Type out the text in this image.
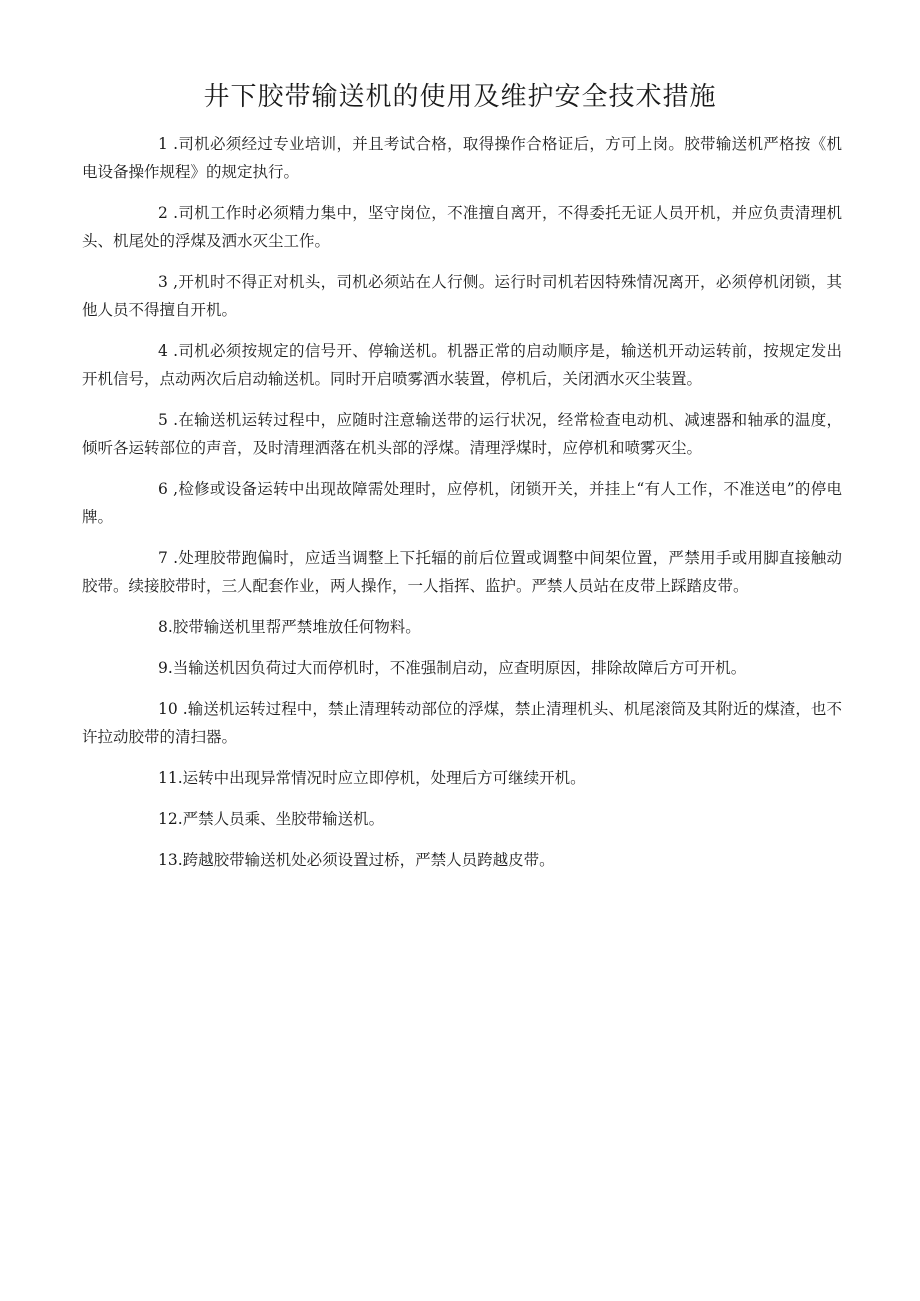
井下胶带输送机的使用及维护安全技术措施

1 .司机必须经过专业培训，并且考试合格，取得操作合格证后，方可上岗。胶带输送机严格按《机电设备操作规程》的规定执行。

2 .司机工作时必须精力集中，坚守岗位，不准擅自离开，不得委托无证人员开机，并应负责清理机头、机尾处的浮煤及洒水灭尘工作。

3 ,开机时不得正对机头，司机必须站在人行侧。运行时司机若因特殊情况离开，必须停机闭锁，其他人员不得擅自开机。

4 .司机必须按规定的信号开、停输送机。机器正常的启动顺序是，输送机开动运转前，按规定发出开机信号，点动两次后启动输送机。同时开启喷雾洒水装置，停机后，关闭洒水灭尘装置。

5 .在输送机运转过程中，应随时注意输送带的运行状况，经常检查电动机、减速器和轴承的温度，倾听各运转部位的声音，及时清理洒落在机头部的浮煤。清理浮煤时，应停机和喷雾灭尘。

6 ,检修或设备运转中出现故障需处理时，应停机，闭锁开关，并挂上“有人工作，不准送电”的停电牌。

7 .处理胶带跑偏时，应适当调整上下托辐的前后位置或调整中间架位置，严禁用手或用脚直接触动胶带。续接胶带时，三人配套作业，两人操作，一人指挥、监护。严禁人员站在皮带上踩踏皮带。

8.胶带输送机里帮严禁堆放任何物料。

9.当输送机因负荷过大而停机时，不准强制启动，应查明原因，排除故障后方可开机。

10 .输送机运转过程中，禁止清理转动部位的浮煤，禁止清理机头、机尾滚筒及其附近的煤渣，也不许拉动胶带的清扫器。

11.运转中出现异常情况时应立即停机，处理后方可继续开机。

12.严禁人员乘、坐胶带输送机。

13.跨越胶带输送机处必须设置过桥，严禁人员跨越皮带。
